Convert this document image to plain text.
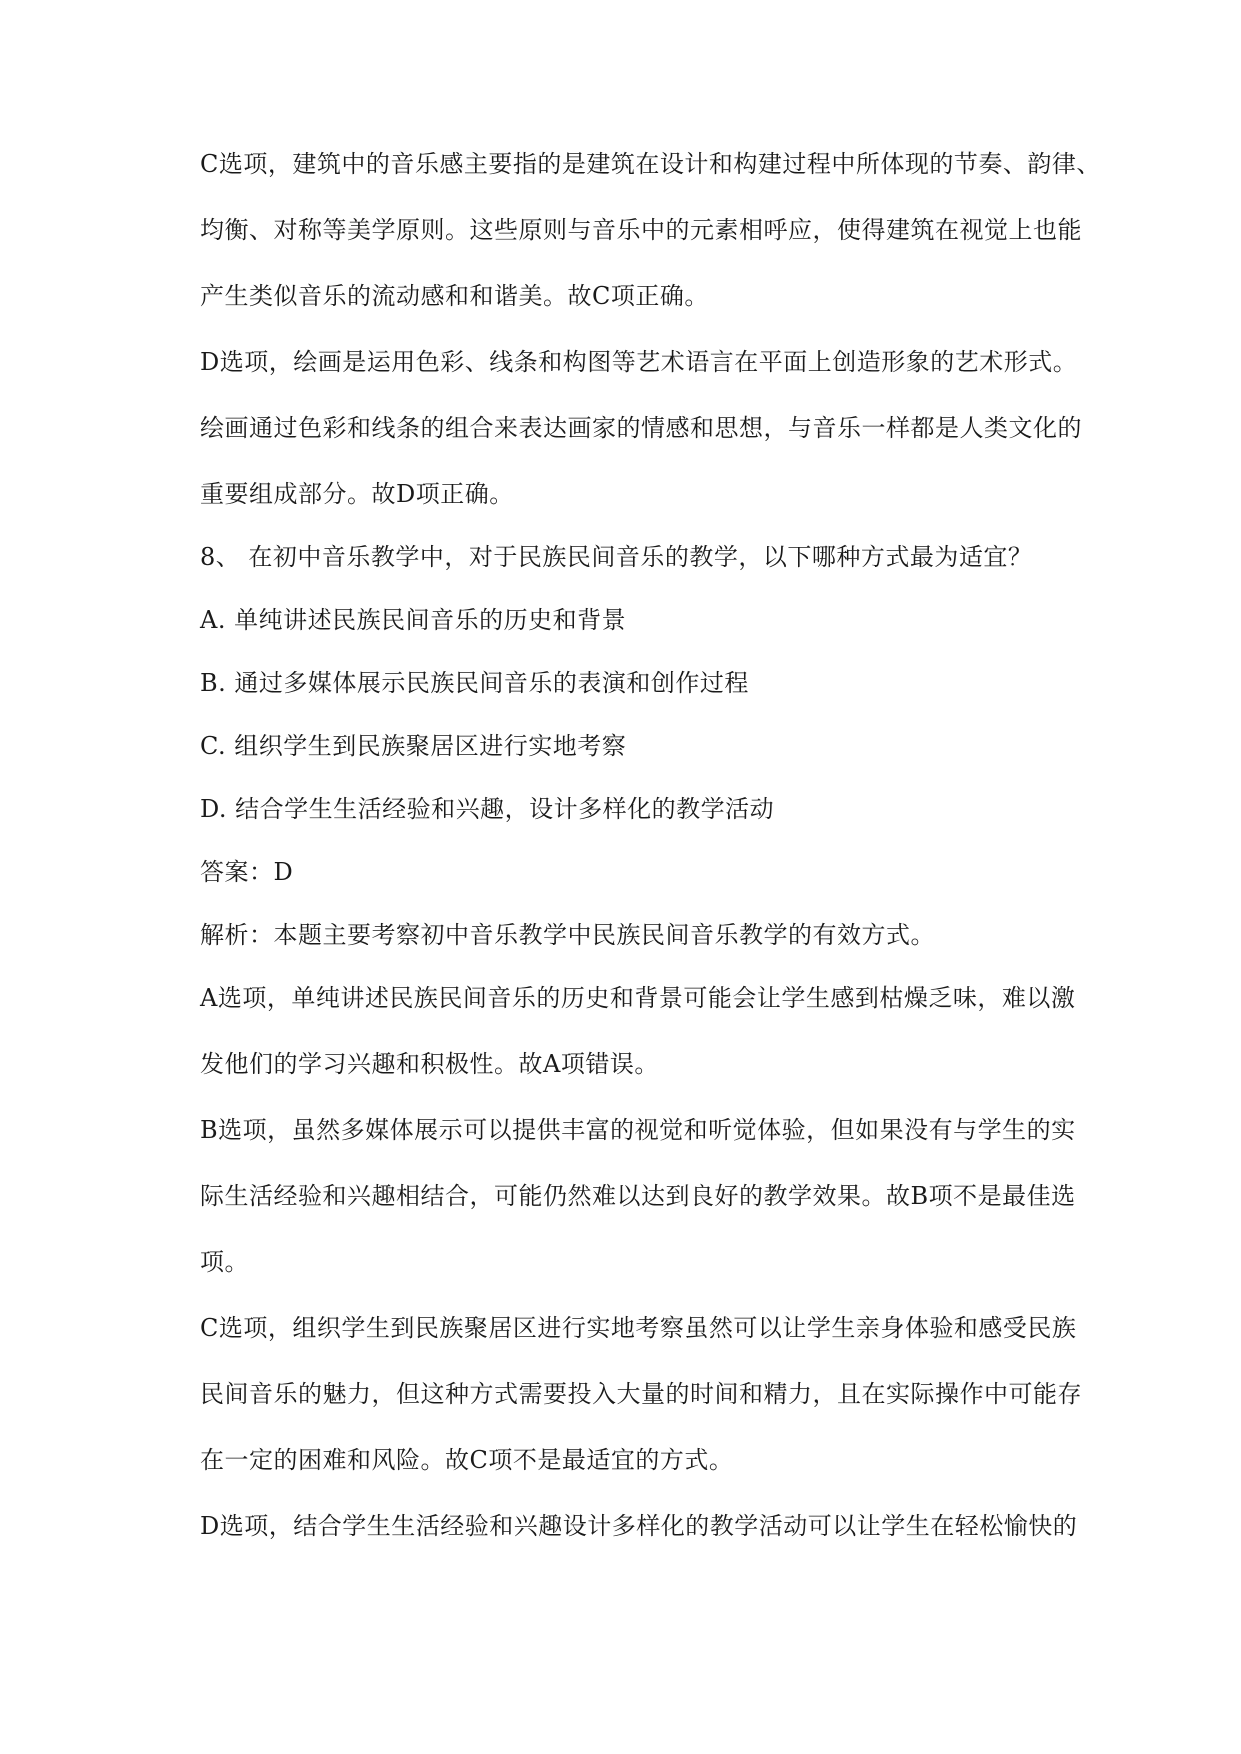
C选项，建筑中的音乐感主要指的是建筑在设计和构建过程中所体现的节奏、韵律、

均衡、对称等美学原则。这些原则与音乐中的元素相呼应，使得建筑在视觉上也能

产生类似音乐的流动感和和谐美。故C项正确。

D选项，绘画是运用色彩、线条和构图等艺术语言在平面上创造形象的艺术形式。

绘画通过色彩和线条的组合来表达画家的情感和思想，与音乐一样都是人类文化的

重要组成部分。故D项正确。

8、 在初中音乐教学中，对于民族民间音乐的教学，以下哪种方式最为适宜？

A. 单纯讲述民族民间音乐的历史和背景

B. 通过多媒体展示民族民间音乐的表演和创作过程

C. 组织学生到民族聚居区进行实地考察

D. 结合学生生活经验和兴趣，设计多样化的教学活动

答案：D

解析：本题主要考察初中音乐教学中民族民间音乐教学的有效方式。

A选项，单纯讲述民族民间音乐的历史和背景可能会让学生感到枯燥乏味，难以激

发他们的学习兴趣和积极性。故A项错误。

B选项，虽然多媒体展示可以提供丰富的视觉和听觉体验，但如果没有与学生的实

际生活经验和兴趣相结合，可能仍然难以达到良好的教学效果。故B项不是最佳选

项。

C选项，组织学生到民族聚居区进行实地考察虽然可以让学生亲身体验和感受民族

民间音乐的魅力，但这种方式需要投入大量的时间和精力，且在实际操作中可能存

在一定的困难和风险。故C项不是最适宜的方式。

D选项，结合学生生活经验和兴趣设计多样化的教学活动可以让学生在轻松愉快的
